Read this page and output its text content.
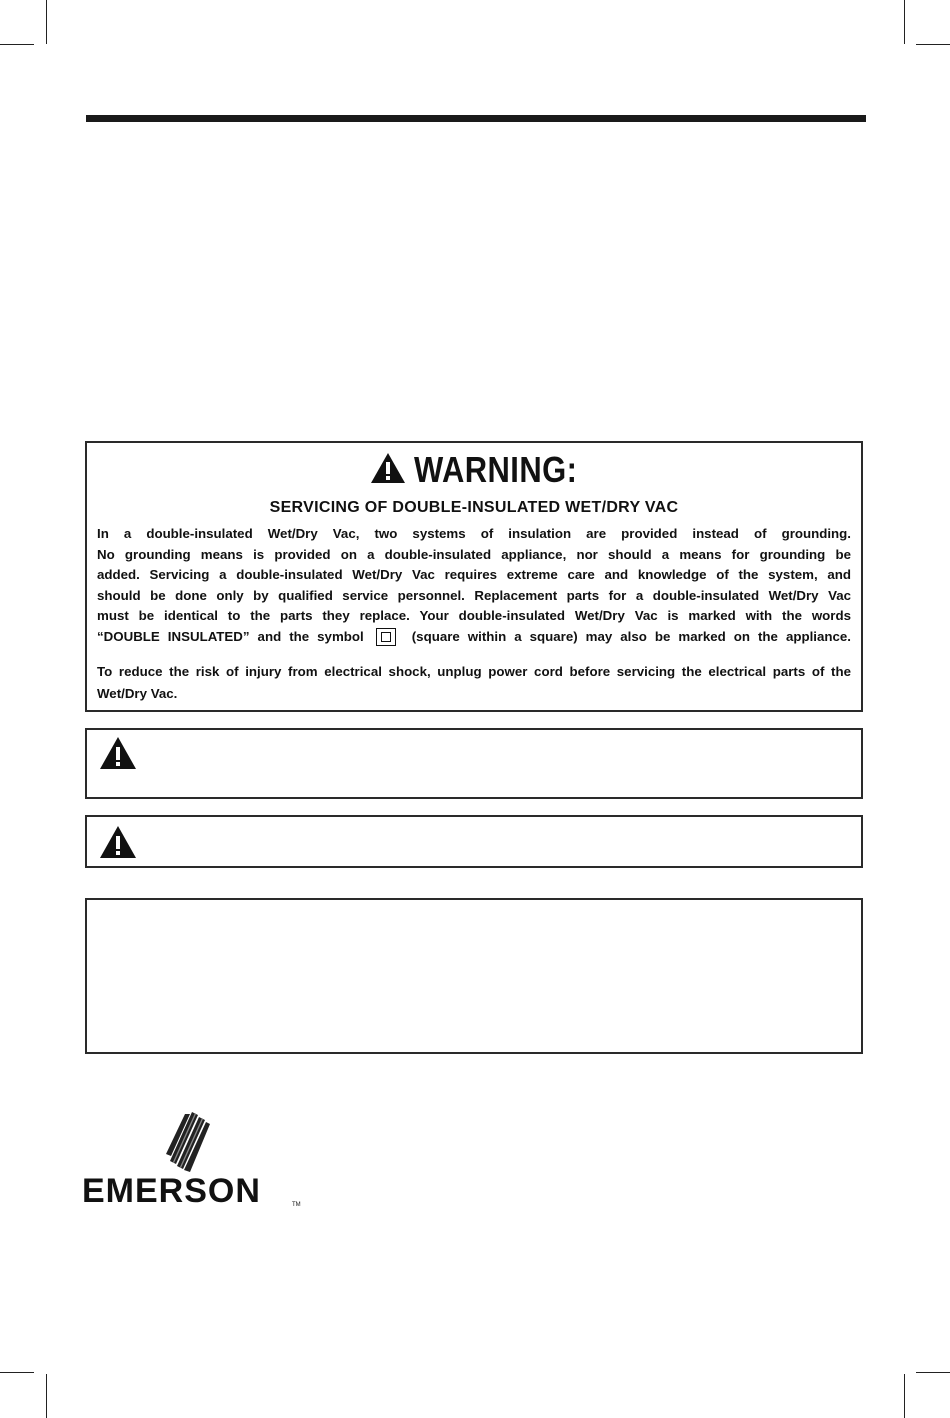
WARNING:
SERVICING OF DOUBLE-INSULATED WET/DRY VAC
In a double-insulated Wet/Dry Vac, two systems of insulation are provided instead of grounding.
No grounding means is provided on a double-insulated appliance, nor should a means for grounding be
added. Servicing a double-insulated Wet/Dry Vac requires extreme care and knowledge of the system, and
should be done only by qualified service personnel. Replacement parts for a double-insulated Wet/Dry Vac
must be identical to the parts they replace. Your double-insulated Wet/Dry Vac is marked with the words
“DOUBLE INSULATED” and the symbol	(square within a square) may also be marked on the appliance.
To reduce the risk of injury from electrical shock, unplug power cord before servicing the electrical parts of the Wet/Dry Vac.
EMERSON	TM
